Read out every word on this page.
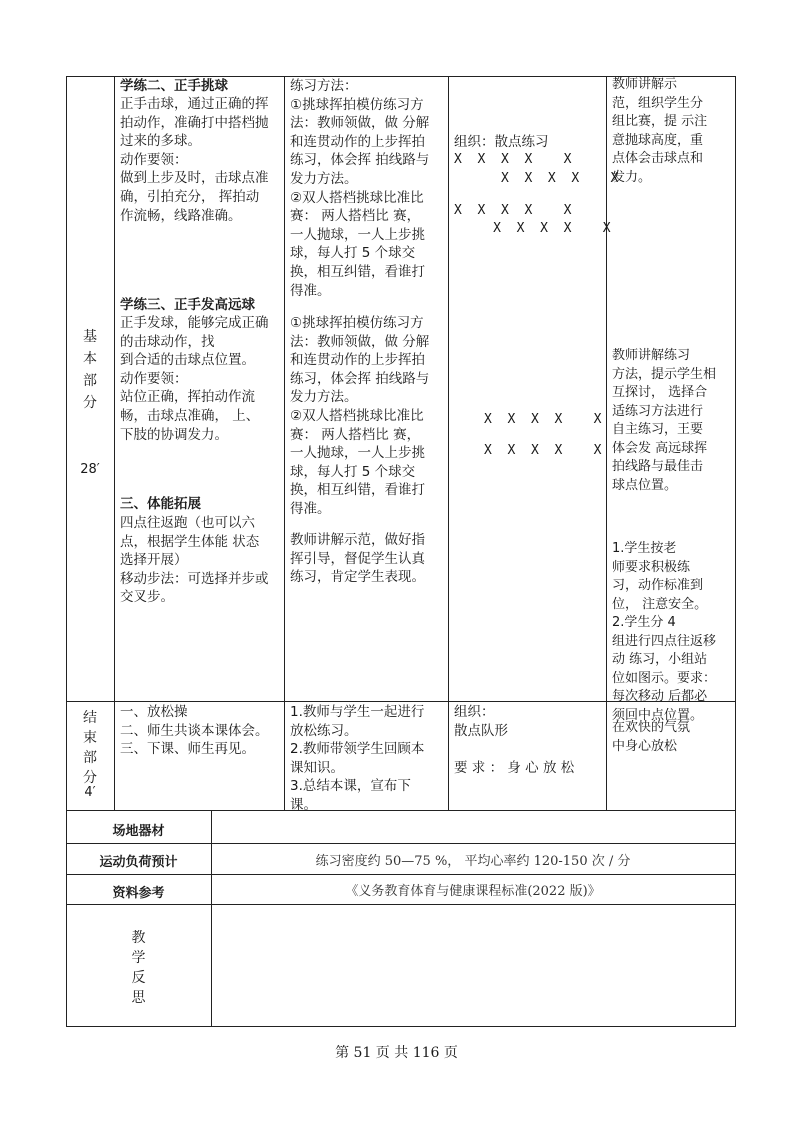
基
本
部
分
28′
学练二、正手挑球
正手击球，通过正确的挥
拍动作，准确打中搭档抛
过来的多球。
动作要领：
做到上步及时，击球点准
确，引拍充分， 挥拍动
作流畅，线路准确。
学练三、正手发高远球
正手发球，能够完成正确
的击球动作，找
到合适的击球点位置。
动作要领：
站位正确，挥拍动作流
畅，击球点准确， 上、
下肢的协调发力。
三、体能拓展
四点往返跑（也可以六
点，根据学生体能 状态
选择开展）
移动步法：可选择并步或
交叉步。
练习方法：
①挑球挥拍模仿练习方
法：教师领做，做 分解
和连贯动作的上步挥拍
练习，体会挥 拍线路与
发力方法。
②双人搭档挑球比准比
赛： 两人搭档比 赛，
一人抛球，一人上步挑
球，每人打 5 个球交
换，相互纠错，看谁打
得准。
①挑球挥拍模仿练习方
法：教师领做，做 分解
和连贯动作的上步挥拍
练习，体会挥 拍线路与
发力方法。
②双人搭档挑球比准比
赛： 两人搭档比 赛，
一人抛球，一人上步挑
球，每人打 5 个球交
换，相互纠错，看谁打
得准。
教师讲解示范，做好指
挥引导，督促学生认真
练习，肯定学生表现。
组织：散点练习
X  X  X  X    X
X  X  X  X    X
X  X  X  X    X
X  X  X  X    X
X  X  X  X    X
X  X  X  X    X
教师讲解示
范，组织学生分
组比赛，提 示注
意抛球高度，重
点体会击球点和
发力。
教师讲解练习
方法，提示学生相
互探讨， 选择合
适练习方法进行
自主练习，王要
体会发 高远球挥
拍线路与最佳击
球点位置。
1.学生按老
师要求积极练
习，动作标准到
位， 注意安全。
2.学生分 4
组进行四点往返移
动 练习，小组站
位如图示。要求：
每次移动 后都必
须回中点位置。
结
束
部
分
4′
一、放松操
二、师生共谈本课体会。
三、下课、师生再见。
1.教师与学生一起进行
放松练习。
2.教师带领学生回顾本
课知识。
3.总结本课，宣布下
课。
组织：
散点队形

要 求 ： 身 心 放 松
在欢快的气氛
中身心放松
场地器材
运动负荷预计	练习密度约 50—75 %， 平均心率约 120-150 次 / 分
资料参考	《义务教育体育与健康课程标准(2022 版)》
教
学
反
思
第 51 页 共 116 页
